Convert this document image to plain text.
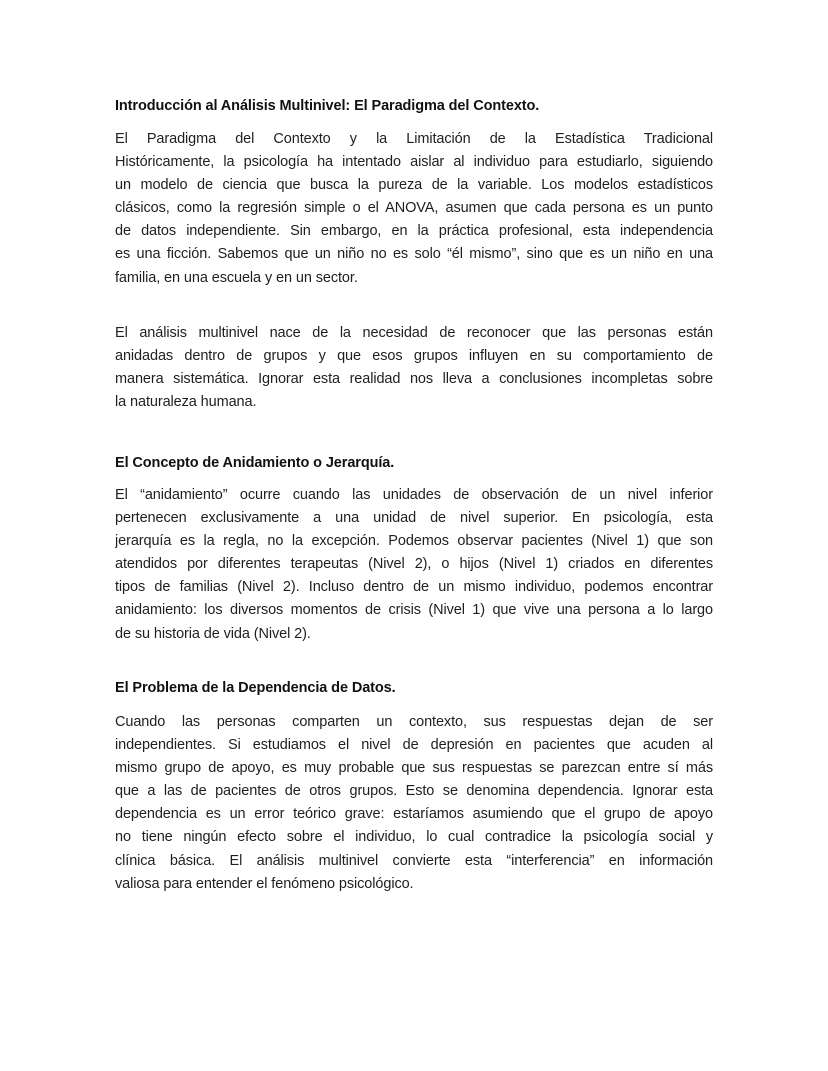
Introducción al Análisis Multinivel: El Paradigma del Contexto.
El Paradigma del Contexto y la Limitación de la Estadística Tradicional
Históricamente, la psicología ha intentado aislar al individuo para estudiarlo, siguiendo
un modelo de ciencia que busca la pureza de la variable. Los modelos estadísticos
clásicos, como la regresión simple o el ANOVA, asumen que cada persona es un punto
de datos independiente. Sin embargo, en la práctica profesional, esta independencia
es una ficción. Sabemos que un niño no es solo “él mismo”, sino que es un niño en una
familia, en una escuela y en un sector.
El análisis multinivel nace de la necesidad de reconocer que las personas están
anidadas dentro de grupos y que esos grupos influyen en su comportamiento de
manera sistemática. Ignorar esta realidad nos lleva a conclusiones incompletas sobre
la naturaleza humana.
El Concepto de Anidamiento o Jerarquía.
El “anidamiento” ocurre cuando las unidades de observación de un nivel inferior
pertenecen exclusivamente a una unidad de nivel superior. En psicología, esta
jerarquía es la regla, no la excepción. Podemos observar pacientes (Nivel 1) que son
atendidos por diferentes terapeutas (Nivel 2), o hijos (Nivel 1) criados en diferentes
tipos de familias (Nivel 2). Incluso dentro de un mismo individuo, podemos encontrar
anidamiento: los diversos momentos de crisis (Nivel 1) que vive una persona a lo largo
de su historia de vida (Nivel 2).
El Problema de la Dependencia de Datos.
Cuando las personas comparten un contexto, sus respuestas dejan de ser
independientes. Si estudiamos el nivel de depresión en pacientes que acuden al
mismo grupo de apoyo, es muy probable que sus respuestas se parezcan entre sí más
que a las de pacientes de otros grupos. Esto se denomina dependencia. Ignorar esta
dependencia es un error teórico grave: estaríamos asumiendo que el grupo de apoyo
no tiene ningún efecto sobre el individuo, lo cual contradice la psicología social y
clínica básica. El análisis multinivel convierte esta “interferencia” en información
valiosa para entender el fenómeno psicológico.
